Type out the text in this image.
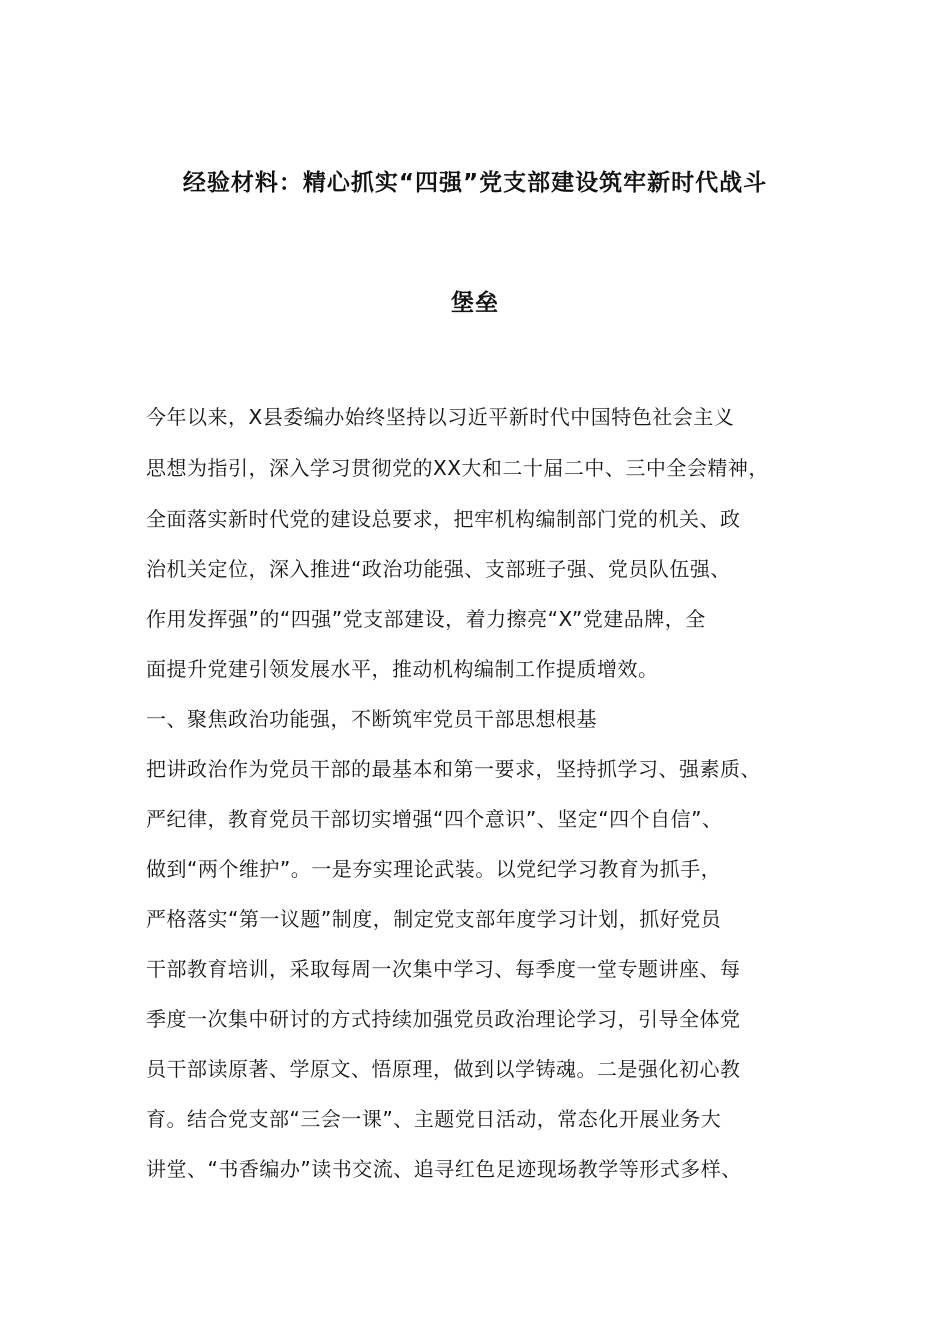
经验材料：精心抓实“四强”党支部建设筑牢新时代战斗
堡垒
今年以来，X县委编办始终坚持以习近平新时代中国特色社会主义
思想为指引，深入学习贯彻党的XX大和二十届二中、三中全会精神，
全面落实新时代党的建设总要求，把牢机构编制部门党的机关、政
治机关定位，深入推进“政治功能强、支部班子强、党员队伍强、
作用发挥强”的“四强”党支部建设，着力擦亮“X”党建品牌，全
面提升党建引领发展水平，推动机构编制工作提质增效。
一、聚焦政治功能强，不断筑牢党员干部思想根基
把讲政治作为党员干部的最基本和第一要求，坚持抓学习、强素质、
严纪律，教育党员干部切实增强“四个意识”、坚定“四个自信”、
做到“两个维护”。一是夯实理论武装。以党纪学习教育为抓手，
严格落实“第一议题”制度，制定党支部年度学习计划，抓好党员
干部教育培训，采取每周一次集中学习、每季度一堂专题讲座、每
季度一次集中研讨的方式持续加强党员政治理论学习，引导全体党
员干部读原著、学原文、悟原理，做到以学铸魂。二是强化初心教
育。结合党支部“三会一课”、主题党日活动，常态化开展业务大
讲堂、“书香编办”读书交流、追寻红色足迹现场教学等形式多样、
